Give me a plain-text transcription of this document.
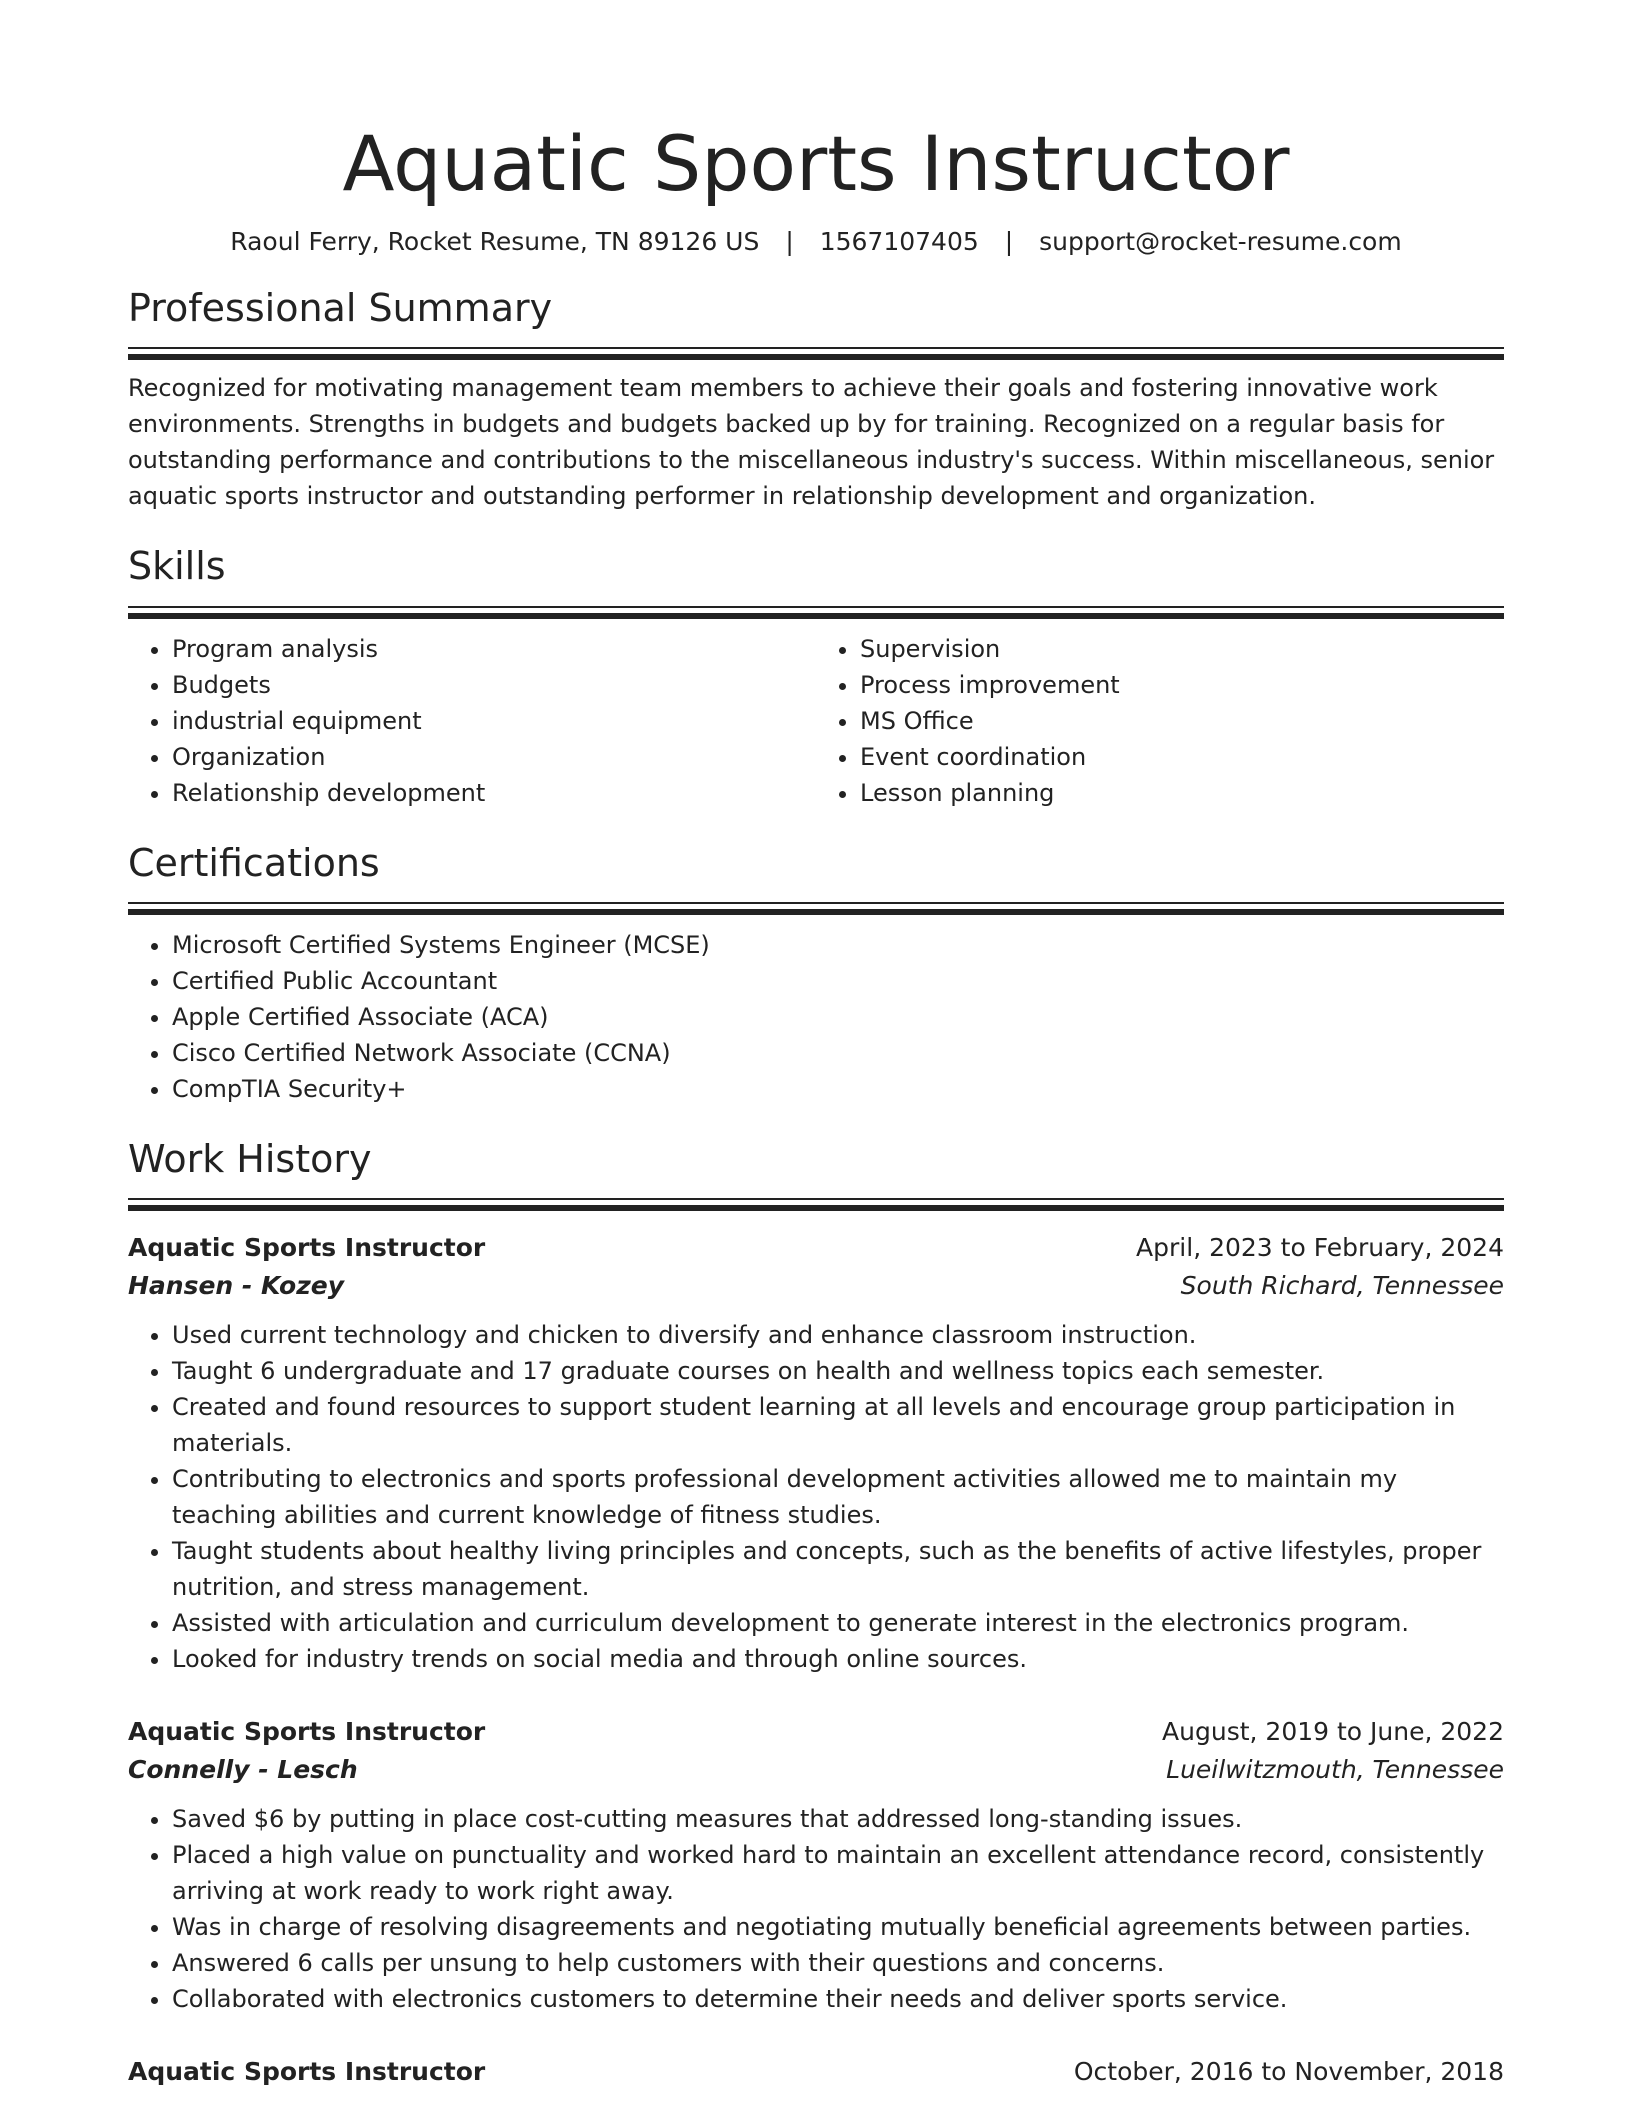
Aquatic Sports Instructor
Raoul Ferry, Rocket Resume, TN 89126 US | 1567107405 | support@rocket-resume.com
Professional Summary

Recognized for motivating management team members to achieve their goals and fostering innovative work environments. Strengths in budgets and budgets backed up by for training. Recognized on a regular basis for outstanding performance and contributions to the miscellaneous industry's success. Within miscellaneous, senior aquatic sports instructor and outstanding performer in relationship development and organization.

Skills
• Program analysis
• Budgets
• industrial equipment
• Organization
• Relationship development
• Supervision
• Process improvement
• MS Office
• Event coordination
• Lesson planning
Certifications
• Microsoft Certified Systems Engineer (MCSE)
• Certified Public Accountant
• Apple Certified Associate (ACA)
• Cisco Certified Network Associate (CCNA)
• CompTIA Security+
Work History
Aquatic Sports Instructor	April, 2023 to February, 2024
Hansen - Kozey	South Richard, Tennessee
• Used current technology and chicken to diversify and enhance classroom instruction.
• Taught 6 undergraduate and 17 graduate courses on health and wellness topics each semester.
• Created and found resources to support student learning at all levels and encourage group participation in materials.
• Contributing to electronics and sports professional development activities allowed me to maintain my teaching abilities and current knowledge of fitness studies.
• Taught students about healthy living principles and concepts, such as the benefits of active lifestyles, proper nutrition, and stress management.
• Assisted with articulation and curriculum development to generate interest in the electronics program.
• Looked for industry trends on social media and through online sources.
Aquatic Sports Instructor	August, 2019 to June, 2022
Connelly - Lesch	Lueilwitzmouth, Tennessee
• Saved $6 by putting in place cost-cutting measures that addressed long-standing issues.
• Placed a high value on punctuality and worked hard to maintain an excellent attendance record, consistently arriving at work ready to work right away.
• Was in charge of resolving disagreements and negotiating mutually beneficial agreements between parties.
• Answered 6 calls per unsung to help customers with their questions and concerns.
• Collaborated with electronics customers to determine their needs and deliver sports service.
Aquatic Sports Instructor	October, 2016 to November, 2018
